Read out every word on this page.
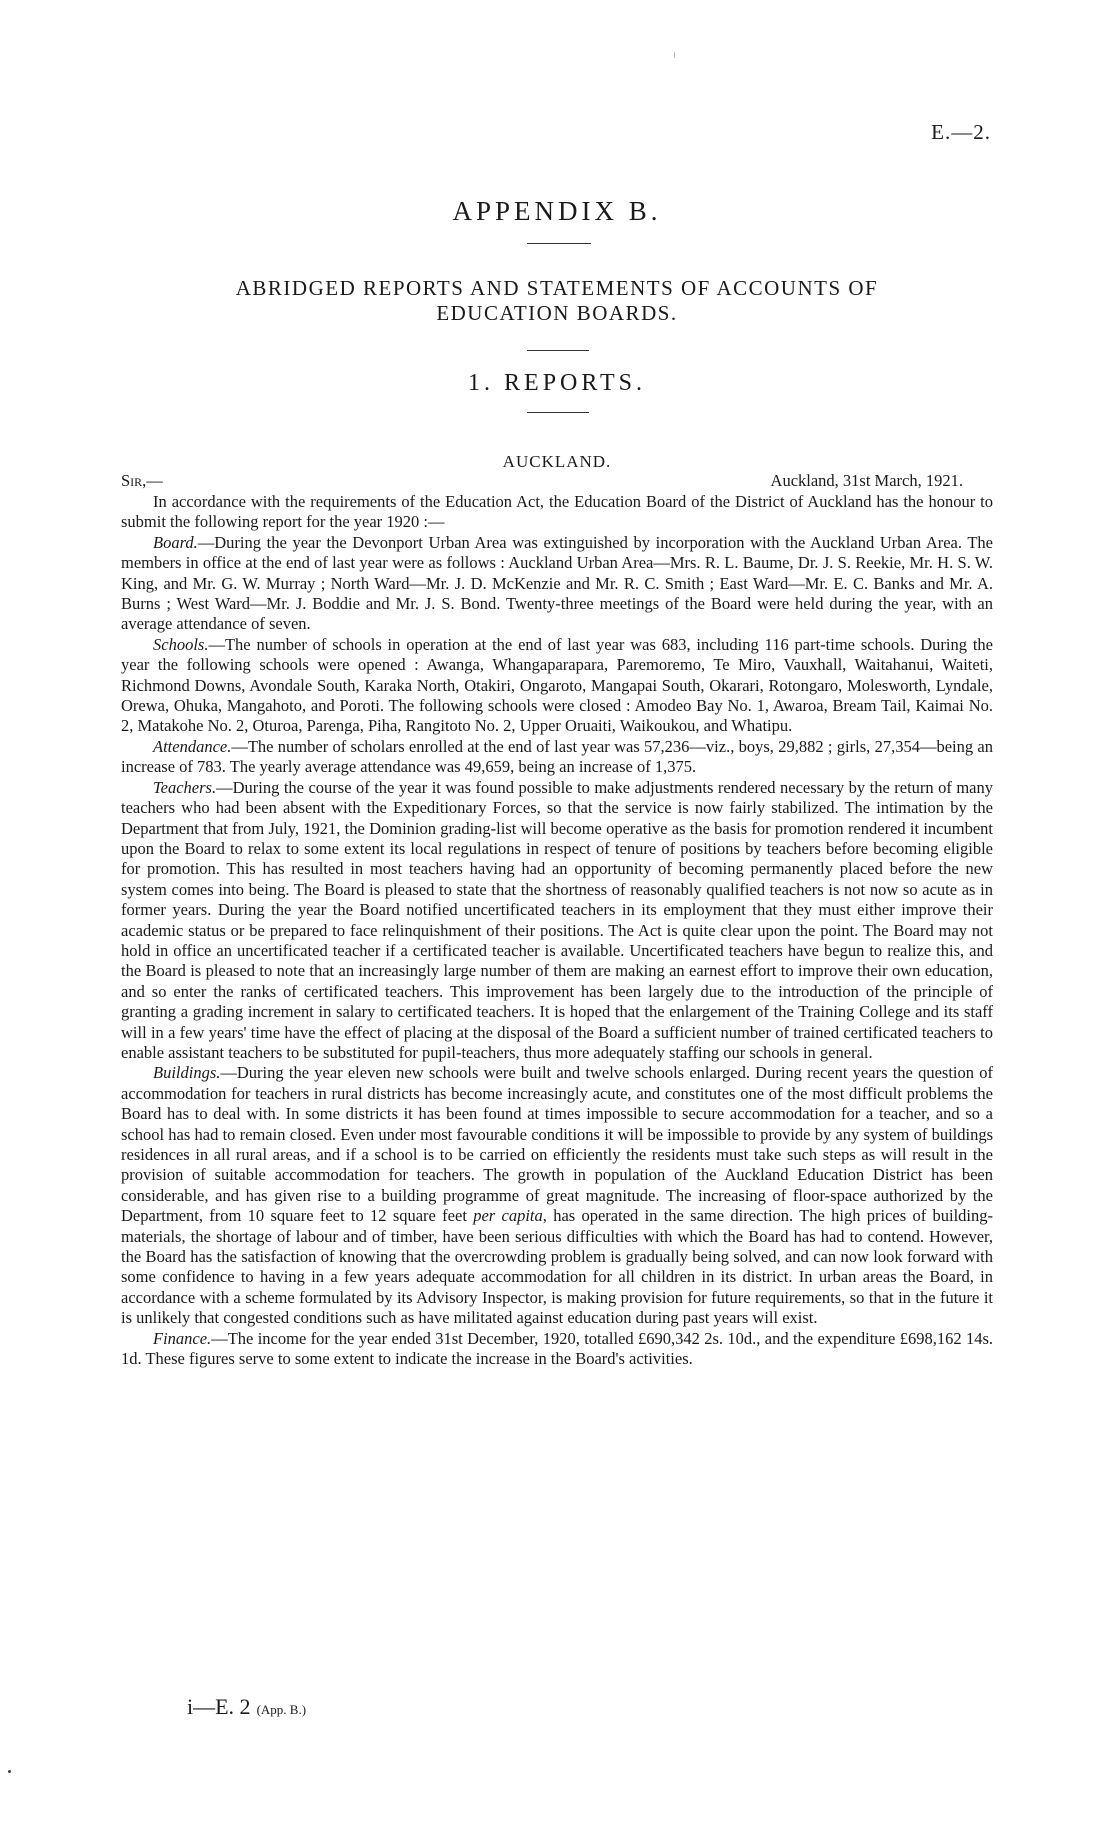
E.—2.
APPENDIX B.
ABRIDGED REPORTS AND STATEMENTS OF ACCOUNTS OF
EDUCATION BOARDS.
1. REPORTS.
AUCKLAND.
Sir,—	Auckland, 31st March, 1921.

In accordance with the requirements of the Education Act, the Education Board of the District of Auckland has the honour to submit the following report for the year 1920 :—

Board.—During the year the Devonport Urban Area was extinguished by incorporation with the Auckland Urban Area. The members in office at the end of last year were as follows : Auckland Urban Area—Mrs. R. L. Baume, Dr. J. S. Reekie, Mr. H. S. W. King, and Mr. G. W. Murray ; North Ward—Mr. J. D. McKenzie and Mr. R. C. Smith ; East Ward—Mr. E. C. Banks and Mr. A. Burns ; West Ward—Mr. J. Boddie and Mr. J. S. Bond. Twenty-three meetings of the Board were held during the year, with an average attendance of seven.

Schools.—The number of schools in operation at the end of last year was 683, including 116 part-time schools. During the year the following schools were opened : Awanga, Whangaparapara, Paremoremo, Te Miro, Vauxhall, Waitahanui, Waiteti, Richmond Downs, Avondale South, Karaka North, Otakiri, Ongaroto, Mangapai South, Okarari, Rotongaro, Molesworth, Lyndale, Orewa, Ohuka, Mangahoto, and Poroti. The following schools were closed : Amodeo Bay No. 1, Awaroa, Bream Tail, Kaimai No. 2, Matakohe No. 2, Oturoa, Parenga, Piha, Rangitoto No. 2, Upper Oruaiti, Waikoukou, and Whatipu.

Attendance.—The number of scholars enrolled at the end of last year was 57,236—viz., boys, 29,882 ; girls, 27,354—being an increase of 783. The yearly average attendance was 49,659, being an increase of 1,375.

Teachers.—During the course of the year it was found possible to make adjustments rendered necessary by the return of many teachers who had been absent with the Expeditionary Forces, so that the service is now fairly stabilized. The intimation by the Department that from July, 1921, the Dominion grading-list will become operative as the basis for promotion rendered it incumbent upon the Board to relax to some extent its local regulations in respect of tenure of positions by teachers before becoming eligible for promotion. This has resulted in most teachers having had an opportunity of becoming permanently placed before the new system comes into being. The Board is pleased to state that the shortness of reasonably qualified teachers is not now so acute as in former years. During the year the Board notified uncertificated teachers in its employment that they must either improve their academic status or be prepared to face relinquishment of their positions. The Act is quite clear upon the point. The Board may not hold in office an uncertificated teacher if a certificated teacher is available. Uncertificated teachers have begun to realize this, and the Board is pleased to note that an increasingly large number of them are making an earnest effort to improve their own education, and so enter the ranks of certificated teachers. This improvement has been largely due to the introduction of the principle of granting a grading increment in salary to certificated teachers. It is hoped that the enlargement of the Training College and its staff will in a few years' time have the effect of placing at the disposal of the Board a sufficient number of trained certificated teachers to enable assistant teachers to be substituted for pupil-teachers, thus more adequately staffing our schools in general.

Buildings.—During the year eleven new schools were built and twelve schools enlarged. During recent years the question of accommodation for teachers in rural districts has become increasingly acute, and constitutes one of the most difficult problems the Board has to deal with. In some districts it has been found at times impossible to secure accommodation for a teacher, and so a school has had to remain closed. Even under most favourable conditions it will be impossible to provide by any system of buildings residences in all rural areas, and if a school is to be carried on efficiently the residents must take such steps as will result in the provision of suitable accommodation for teachers. The growth in population of the Auckland Education District has been considerable, and has given rise to a building programme of great magnitude. The increasing of floor-space authorized by the Department, from 10 square feet to 12 square feet per capita, has operated in the same direction. The high prices of building-materials, the shortage of labour and of timber, have been serious difficulties with which the Board has had to contend. However, the Board has the satisfaction of knowing that the overcrowding problem is gradually being solved, and can now look forward with some confidence to having in a few years adequate accommodation for all children in its district. In urban areas the Board, in accordance with a scheme formulated by its Advisory Inspector, is making provision for future requirements, so that in the future it is unlikely that congested conditions such as have militated against education during past years will exist.

Finance.—The income for the year ended 31st December, 1920, totalled £690,342 2s. 10d., and the expenditure £698,162 14s. 1d. These figures serve to some extent to indicate the increase in the Board's activities.

i—E. 2 (App. B.)
